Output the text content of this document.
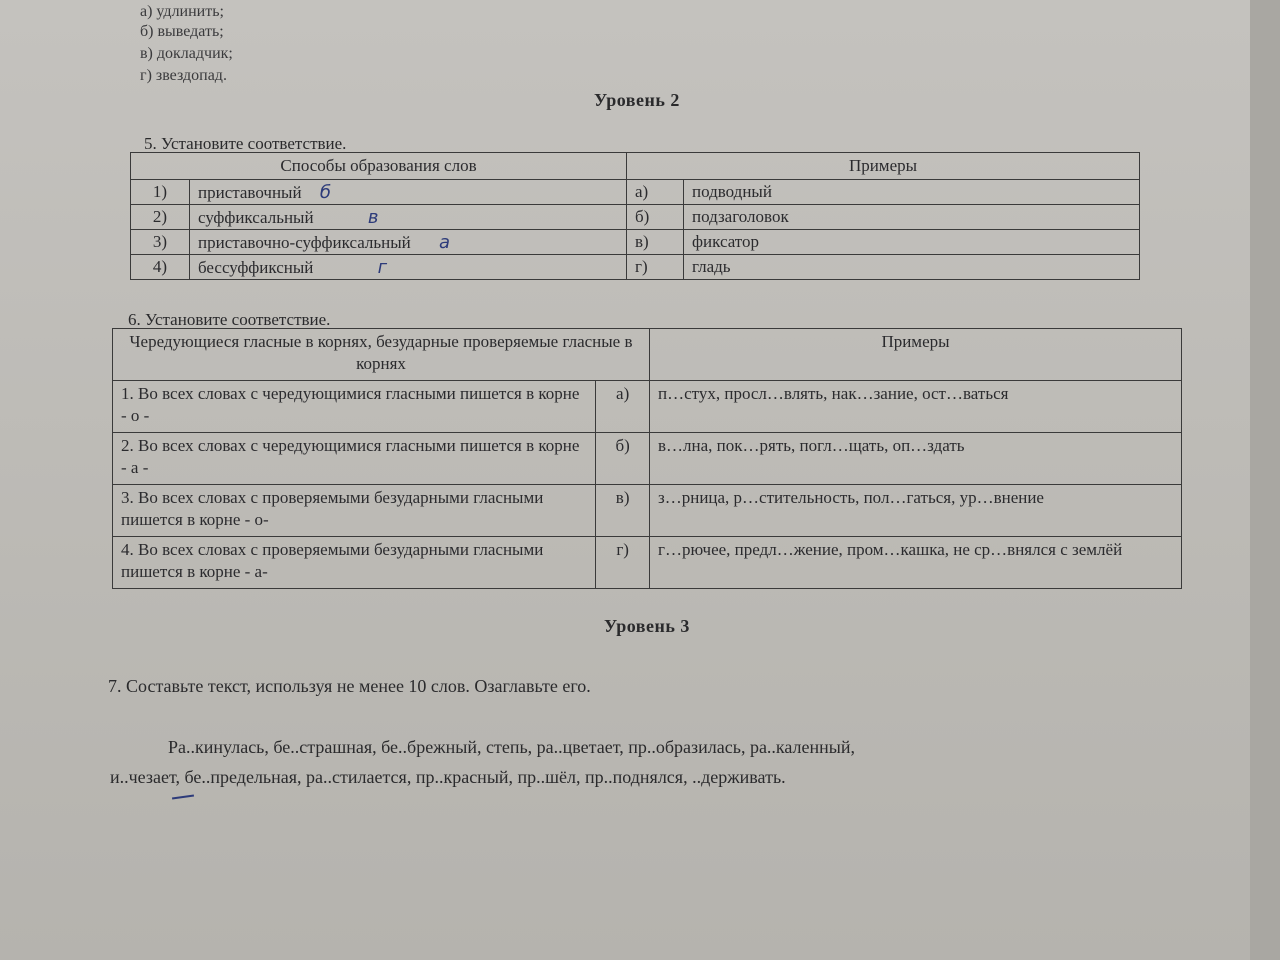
а) удлинить;
б) выведать;
в) докладчик;
г) звездопад.
Уровень 2
5. Установите соответствие.
Способы образования слов		Примеры	
1)	приставочный б	а)	подводный
2)	суффиксальный в	б)	подзаголовок
3)	приставочно-суффиксальный а	в)	фиксатор
4)	бессуффиксный г	г)	гладь
6. Установите соответствие.
Чередующиеся гласные в корнях, безударные проверяемые гласные в корнях		Примеры
1. Во всех словах с чередующимися гласными пишется в корне - о -	а)	п…стух, просл…влять, нак…зание, ост…ваться
2. Во всех словах с чередующимися гласными пишется в корне - а -	б)	в…лна, пок…рять, погл…щать, оп…здать
3. Во всех словах с проверяемыми безударными гласными пишется в корне - о-	в)	з…рница, р…стительность, пол…гаться, ур…внение
4. Во всех словах с проверяемыми безударными гласными пишется в корне - а-	г)	г…рючее, предл…жение, пром…кашка, не ср…внялся с землёй
Уровень 3
7. Составьте текст, используя не менее 10 слов. Озаглавьте его.
Ра..кинулась, бе..страшная, бе..брежный, степь, ра..цветает, пр..образилась, ра..каленный,
и..чезает, бе..предельная, ра..стилается, пр..красный, пр..шёл, пр..поднялся, ..держивать.
